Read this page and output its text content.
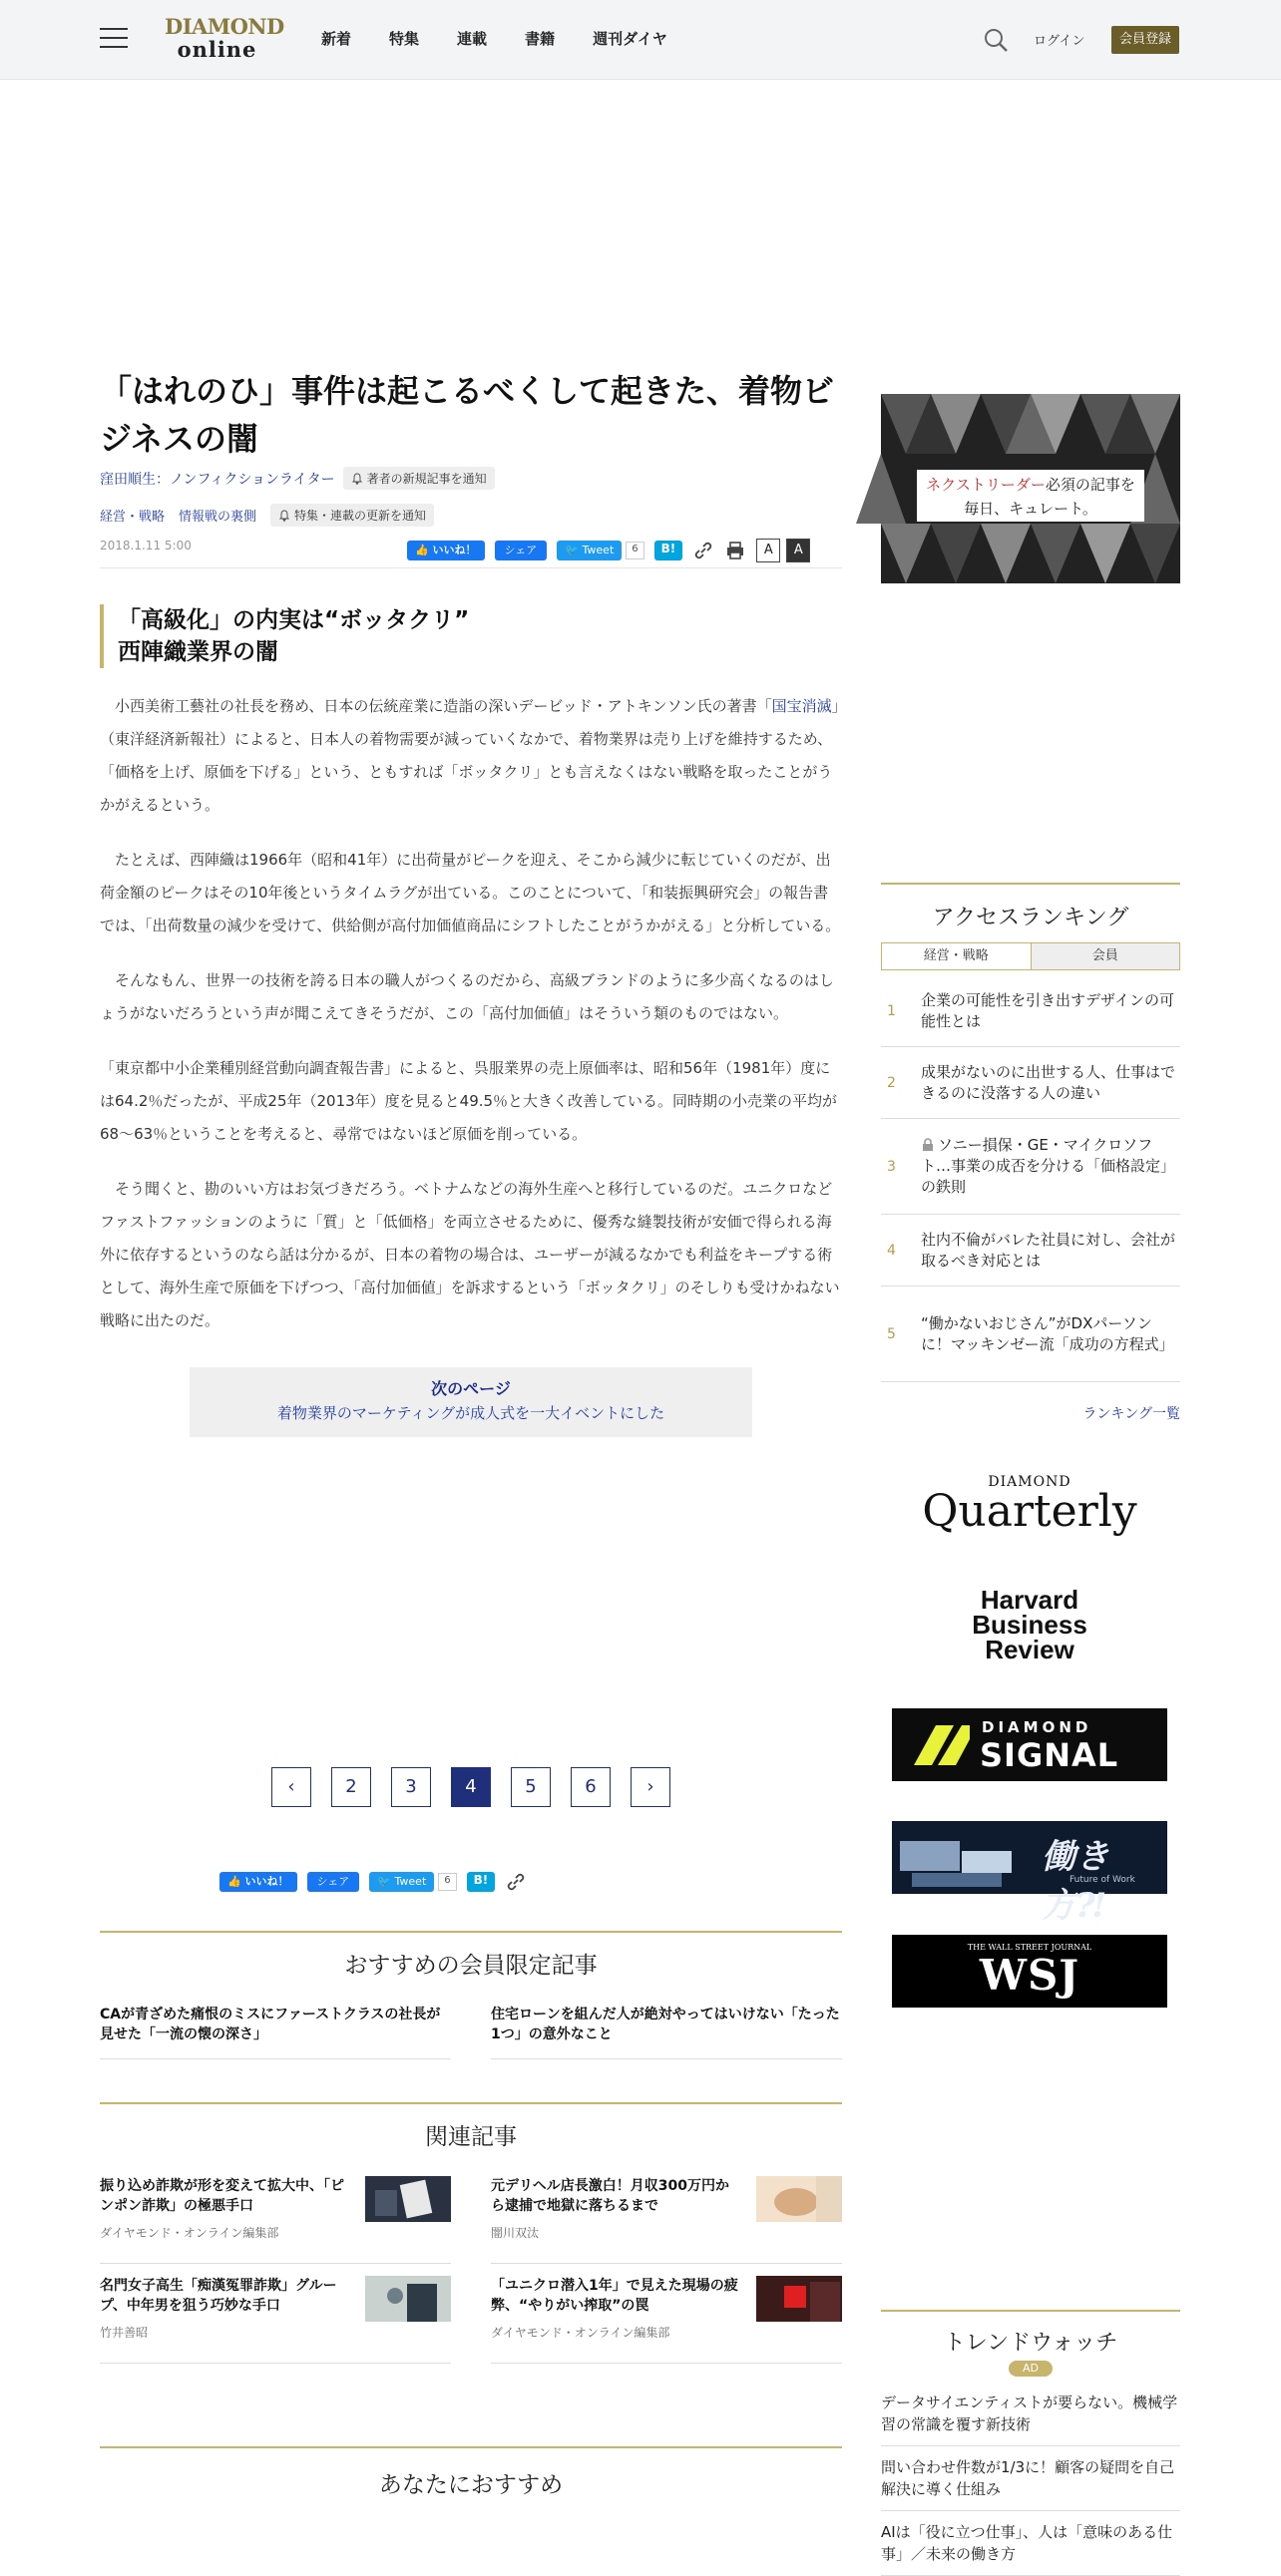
DIAMOND
online	新着	特集	連載	書籍	週刊ダイヤ	ログイン	会員登録
「はれのひ」事件は起こるべくして起きた、着物ビジネスの闇
窪田順生：ノンフィクションライター	著者の新規記事を通知
経営・戦略 情報戦の裏側	特集・連載の更新を通知
2018.1.11 5:00	👍 いいね！	シェア	🐦 Tweet	6	B!	A	A
「高級化」の内実は“ボッタクリ”
西陣織業界の闇

小西美術工藝社の社長を務め、日本の伝統産業に造詣の深いデービッド・アトキンソン氏の著書「国宝消滅」（東洋経済新報社）によると、日本人の着物需要が減っていくなかで、着物業界は売り上げを維持するため、「価格を上げ、原価を下げる」という、ともすれば「ボッタクリ」とも言えなくはない戦略を取ったことがうかがえるという。

たとえば、西陣織は1966年（昭和41年）に出荷量がピークを迎え、そこから減少に転じていくのだが、出荷金額のピークはその10年後というタイムラグが出ている。このことについて、「和装振興研究会」の報告書では、「出荷数量の減少を受けて、供給側が高付加価値商品にシフトしたことがうかがえる」と分析している。

そんなもん、世界一の技術を誇る日本の職人がつくるのだから、高級ブランドのように多少高くなるのはしょうがないだろうという声が聞こえてきそうだが、この「高付加価値」はそういう類のものではない。

「東京都中小企業種別経営動向調査報告書」によると、呉服業界の売上原価率は、昭和56年（1981年）度には64.2％だったが、平成25年（2013年）度を見ると49.5％と大きく改善している。同時期の小売業の平均が68～63％ということを考えると、尋常ではないほど原価を削っている。

そう聞くと、勘のいい方はお気づきだろう。ベトナムなどの海外生産へと移行しているのだ。ユニクロなどファストファッションのように「質」と「低価格」を両立させるために、優秀な縫製技術が安価で得られる海外に依存するというのなら話は分かるが、日本の着物の場合は、ユーザーが減るなかでも利益をキープする術として、海外生産で原価を下げつつ、「高付加価値」を訴求するという「ボッタクリ」のそしりも受けかねない戦略に出たのだ。

次のページ
着物業界のマーケティングが成人式を一大イベントにした
‹	2	3	4	5	6	›
👍 いいね！	シェア	🐦 Tweet	6	B!
おすすめの会員限定記事
CAが青ざめた痛恨のミスにファーストクラスの社長が見せた「一流の懐の深さ」
住宅ローンを組んだ人が絶対やってはいけない「たった1つ」の意外なこと
関連記事
振り込め詐欺が形を変えて拡大中、「ピンポン詐欺」の極悪手口
ダイヤモンド・オンライン編集部
元デリヘル店長激白！月収300万円から逮捕で地獄に落ちるまで
闇川双汰
名門女子高生「痴漢冤罪詐欺」グループ、中年男を狙う巧妙な手口
竹井善昭
「ユニクロ潜入1年」で見えた現場の疲弊、“やりがい搾取”の罠
ダイヤモンド・オンライン編集部
あなたにおすすめ
ネクストリーダー必須の記事を
毎日、キュレート。
アクセスランキング
経営・戦略	会員
1
企業の可能性を引き出すデザインの可能性とは
2
成果がないのに出世する人、仕事はできるのに没落する人の違い
3
ソニー損保・GE・マイクロソフト…事業の成否を分ける「価格設定」の鉄則
4
社内不倫がバレた社員に対し、会社が取るべき対応とは
5
“働かないおじさん”がDXパーソンに！マッキンゼー流「成功の方程式」
ランキング一覧
DIAMOND
Quarterly
Harvard
Business
Review
DIAMOND
SIGNAL
働き方⁈
Future of Work
THE WALL STREET JOURNAL
WSJ
トレンドウォッチ
AD
データサイエンティストが要らない。機械学習の常識を覆す新技術
問い合わせ件数が1/3に！顧客の疑問を自己解決に導く仕組み
AIは「役に立つ仕事」、人は「意味のある仕事」／未来の働き方
